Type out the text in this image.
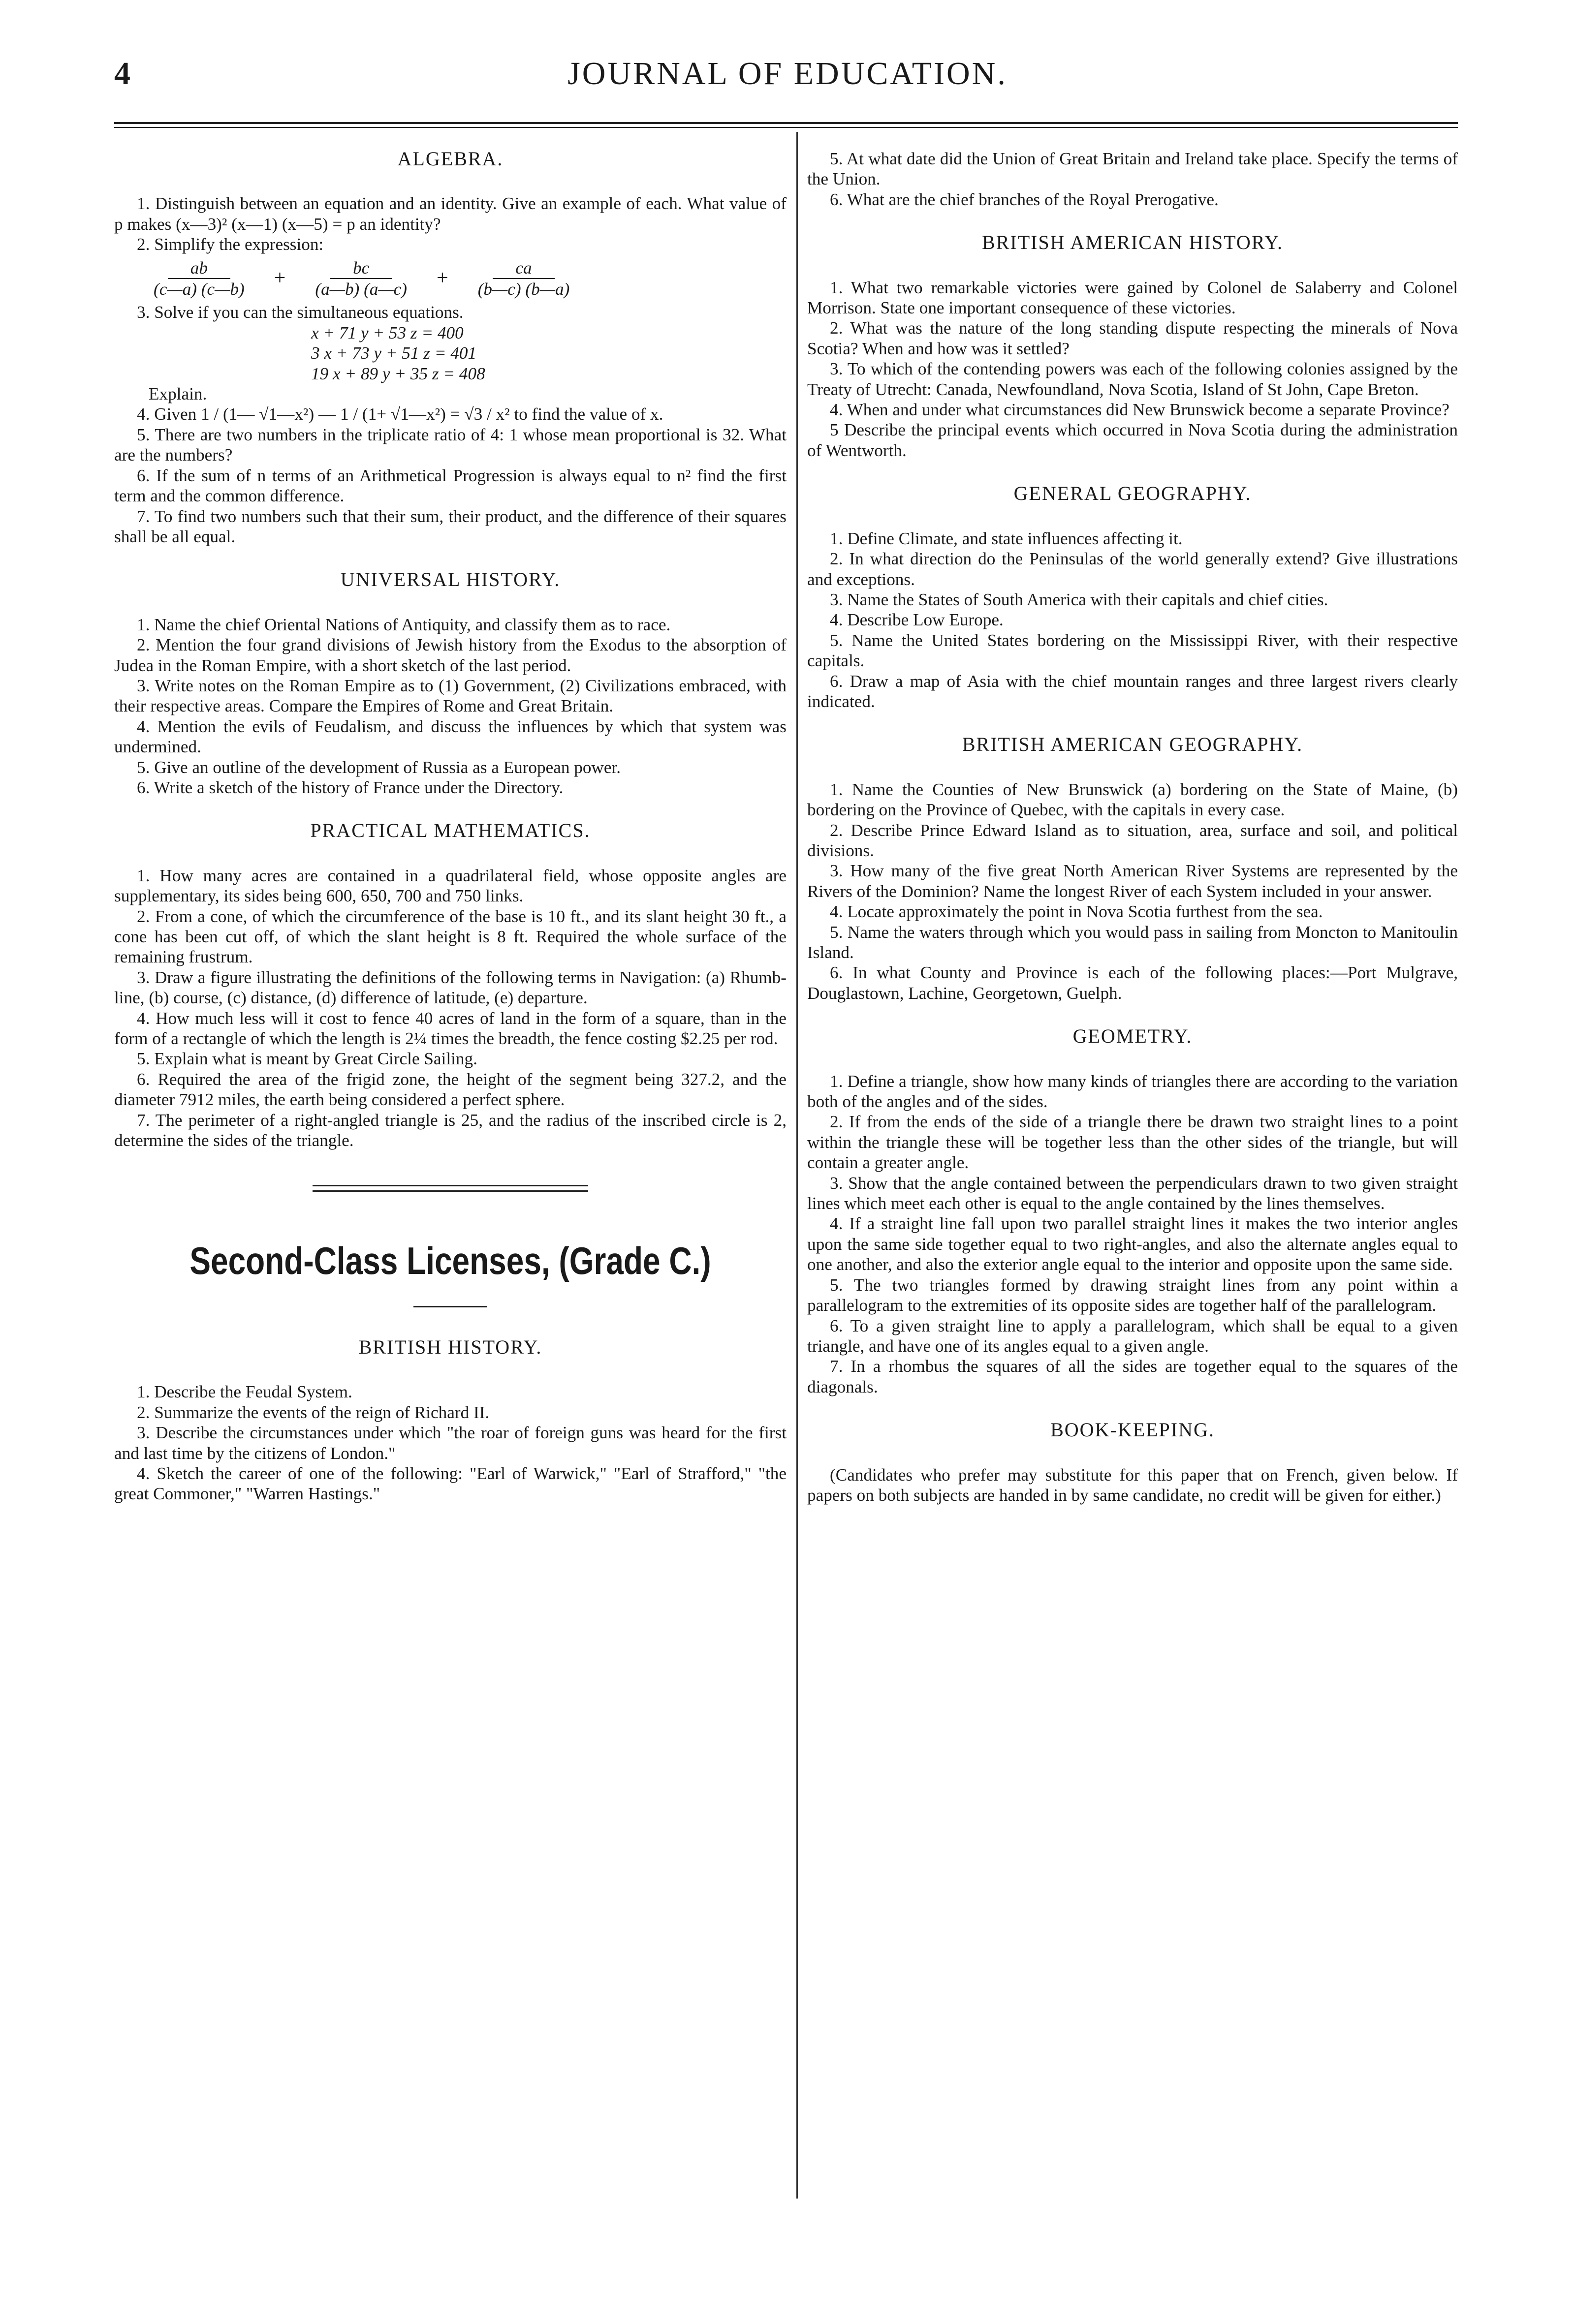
4	JOURNAL OF EDUCATION.
ALGEBRA.

1. Distinguish between an equation and an identity. Give an example of each. What value of p makes (x—3)² (x—1) (x—5) = p an identity?

2. Simplify the expression:

$\frac{ab}{(c—a) (c—b)} + \frac{bc}{(a—b) (a—c)} + \frac{ca}{(b—c) (b—a)}$

3. Solve if you can the simultaneous equations.

x + 71 y + 53 z = 400

3 x + 73 y + 51 z = 401

19 x + 89 y + 35 z = 408

Explain.

4. Given 1 / (1— √1—x²) — 1 / (1+ √1—x²) = √3 / x² to find the value of x.

5. There are two numbers in the triplicate ratio of 4: 1 whose mean proportional is 32. What are the numbers?

6. If the sum of n terms of an Arithmetical Progression is always equal to n² find the first term and the common difference.

7. To find two numbers such that their sum, their product, and the difference of their squares shall be all equal.

UNIVERSAL HISTORY.

1. Name the chief Oriental Nations of Antiquity, and classify them as to race.

2. Mention the four grand divisions of Jewish history from the Exodus to the absorption of Judea in the Roman Empire, with a short sketch of the last period.

3. Write notes on the Roman Empire as to (1) Government, (2) Civilizations embraced, with their respective areas. Compare the Empires of Rome and Great Britain.

4. Mention the evils of Feudalism, and discuss the influences by which that system was undermined.

5. Give an outline of the development of Russia as a European power.

6. Write a sketch of the history of France under the Directory.

PRACTICAL MATHEMATICS.

1. How many acres are contained in a quadrilateral field, whose opposite angles are supplementary, its sides being 600, 650, 700 and 750 links.

2. From a cone, of which the circumference of the base is 10 ft., and its slant height 30 ft., a cone has been cut off, of which the slant height is 8 ft. Required the whole surface of the remaining frustrum.

3. Draw a figure illustrating the definitions of the following terms in Navigation: (a) Rhumb-line, (b) course, (c) distance, (d) difference of latitude, (e) departure.

4. How much less will it cost to fence 40 acres of land in the form of a square, than in the form of a rectangle of which the length is 2¼ times the breadth, the fence costing $2.25 per rod.

5. Explain what is meant by Great Circle Sailing.

6. Required the area of the frigid zone, the height of the segment being 327.2, and the diameter 7912 miles, the earth being considered a perfect sphere.

7. The perimeter of a right-angled triangle is 25, and the radius of the inscribed circle is 2, determine the sides of the triangle.

Second-Class Licenses, (Grade C.)
BRITISH HISTORY.

1. Describe the Feudal System.

2. Summarize the events of the reign of Richard II.

3. Describe the circumstances under which "the roar of foreign guns was heard for the first and last time by the citizens of London."

4. Sketch the career of one of the following: "Earl of Warwick," "Earl of Strafford," "the great Commoner," "Warren Hastings."

5. At what date did the Union of Great Britain and Ireland take place. Specify the terms of the Union.

6. What are the chief branches of the Royal Prerogative.

BRITISH AMERICAN HISTORY.

1. What two remarkable victories were gained by Colonel de Salaberry and Colonel Morrison. State one important consequence of these victories.

2. What was the nature of the long standing dispute respecting the minerals of Nova Scotia? When and how was it settled?

3. To which of the contending powers was each of the following colonies assigned by the Treaty of Utrecht: Canada, Newfoundland, Nova Scotia, Island of St John, Cape Breton.

4. When and under what circumstances did New Brunswick become a separate Province?

5 Describe the principal events which occurred in Nova Scotia during the administration of Wentworth.

GENERAL GEOGRAPHY.

1. Define Climate, and state influences affecting it.

2. In what direction do the Peninsulas of the world generally extend? Give illustrations and exceptions.

3. Name the States of South America with their capitals and chief cities.

4. Describe Low Europe.

5. Name the United States bordering on the Mississippi River, with their respective capitals.

6. Draw a map of Asia with the chief mountain ranges and three largest rivers clearly indicated.

BRITISH AMERICAN GEOGRAPHY.

1. Name the Counties of New Brunswick (a) bordering on the State of Maine, (b) bordering on the Province of Quebec, with the capitals in every case.

2. Describe Prince Edward Island as to situation, area, surface and soil, and political divisions.

3. How many of the five great North American River Systems are represented by the Rivers of the Dominion? Name the longest River of each System included in your answer.

4. Locate approximately the point in Nova Scotia furthest from the sea.

5. Name the waters through which you would pass in sailing from Moncton to Manitoulin Island.

6. In what County and Province is each of the following places:—Port Mulgrave, Douglastown, Lachine, Georgetown, Guelph.

GEOMETRY.

1. Define a triangle, show how many kinds of triangles there are according to the variation both of the angles and of the sides.

2. If from the ends of the side of a triangle there be drawn two straight lines to a point within the triangle these will be together less than the other sides of the triangle, but will contain a greater angle.

3. Show that the angle contained between the perpendiculars drawn to two given straight lines which meet each other is equal to the angle contained by the lines themselves.

4. If a straight line fall upon two parallel straight lines it makes the two interior angles upon the same side together equal to two right-angles, and also the alternate angles equal to one another, and also the exterior angle equal to the interior and opposite upon the same side.

5. The two triangles formed by drawing straight lines from any point within a parallelogram to the extremities of its opposite sides are together half of the parallelogram.

6. To a given straight line to apply a parallelogram, which shall be equal to a given triangle, and have one of its angles equal to a given angle.

7. In a rhombus the squares of all the sides are together equal to the squares of the diagonals.

BOOK-KEEPING.

(Candidates who prefer may substitute for this paper that on French, given below. If papers on both subjects are handed in by same candidate, no credit will be given for either.)
